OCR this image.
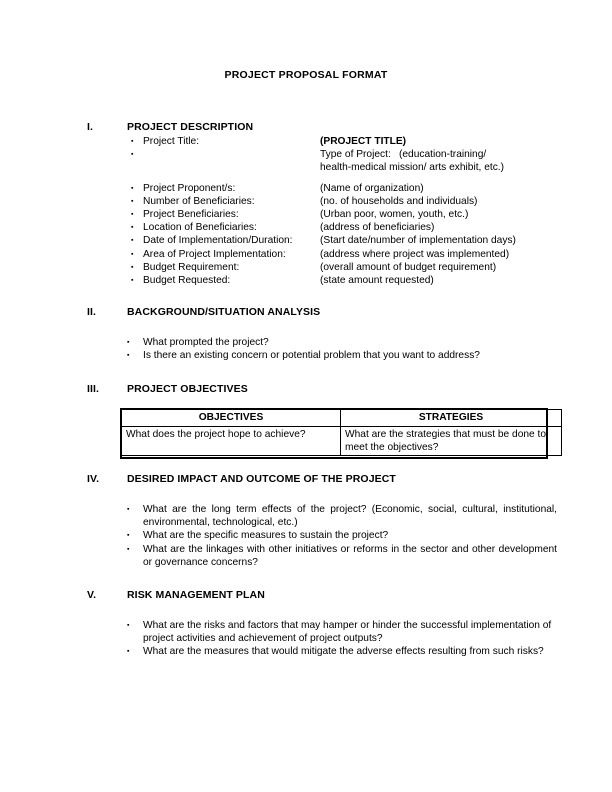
PROJECT PROPOSAL FORMAT
I.	PROJECT DESCRIPTION
▪ Project Title:	(PROJECT TITLE)
▪	Type of Project: (education-training/
health-medical mission/ arts exhibit, etc.)
▪ Project Proponent/s:	(Name of organization)
▪ Number of Beneficiaries:	(no. of households and individuals)
▪ Project Beneficiaries:	(Urban poor, women, youth, etc.)
▪ Location of Beneficiaries:	(address of beneficiaries)
▪ Date of Implementation/Duration:	(Start date/number of implementation days)
▪ Area of Project Implementation:	(address where project was implemented)
▪ Budget Requirement:	(overall amount of budget requirement)
▪ Budget Requested:	(state amount requested)
II.	BACKGROUND/SITUATION ANALYSIS
▪ What prompted the project?
▪ Is there an existing concern or potential problem that you want to address?
III.	PROJECT OBJECTIVES
OBJECTIVES	STRATEGIES
What does the project hope to achieve?	What are the strategies that must be done to meet the objectives?
IV.	DESIRED IMPACT AND OUTCOME OF THE PROJECT
▪ What are the long term effects of the project? (Economic, social, cultural, institutional, environmental, technological, etc.)
▪ What are the specific measures to sustain the project?
▪ What are the linkages with other initiatives or reforms in the sector and other development or governance concerns?
V.	RISK MANAGEMENT PLAN
▪ What are the risks and factors that may hamper or hinder the successful implementation of project activities and achievement of project outputs?
▪ What are the measures that would mitigate the adverse effects resulting from such risks?
